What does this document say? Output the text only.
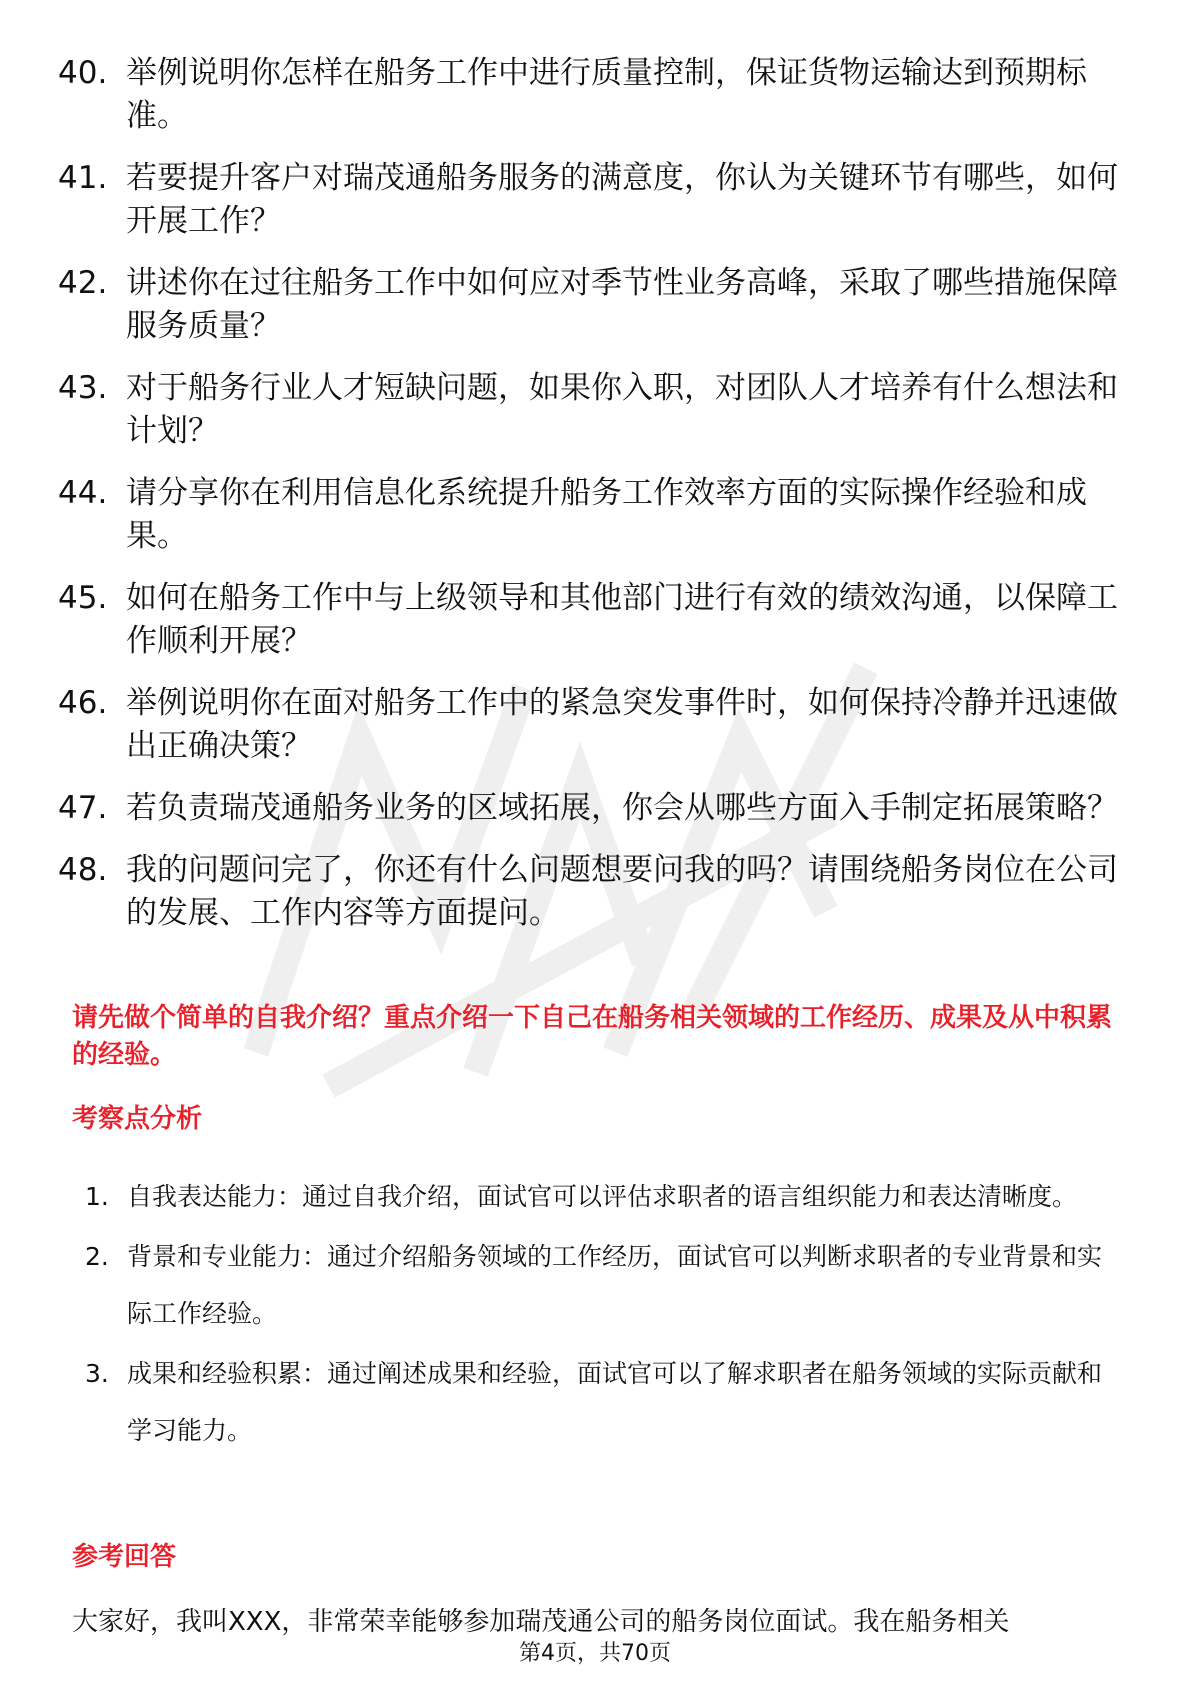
40. 举例说明你怎样在船务工作中进行质量控制，保证货物运输达到预期标准。
41. 若要提升客户对瑞茂通船务服务的满意度，你认为关键环节有哪些，如何开展工作？
42. 讲述你在过往船务工作中如何应对季节性业务高峰，采取了哪些措施保障服务质量？
43. 对于船务行业人才短缺问题，如果你入职，对团队人才培养有什么想法和计划？
44. 请分享你在利用信息化系统提升船务工作效率方面的实际操作经验和成果。
45. 如何在船务工作中与上级领导和其他部门进行有效的绩效沟通，以保障工作顺利开展？
46. 举例说明你在面对船务工作中的紧急突发事件时，如何保持冷静并迅速做出正确决策？
47. 若负责瑞茂通船务业务的区域拓展，你会从哪些方面入手制定拓展策略？
48. 我的问题问完了，你还有什么问题想要问我的吗？请围绕船务岗位在公司的发展、工作内容等方面提问。
请先做个简单的自我介绍？重点介绍一下自己在船务相关领域的工作经历、成果及从中积累的经验。
考察点分析
1. 自我表达能力：通过自我介绍，面试官可以评估求职者的语言组织能力和表达清晰度。
2. 背景和专业能力：通过介绍船务领域的工作经历，面试官可以判断求职者的专业背景和实际工作经验。
3. 成果和经验积累：通过阐述成果和经验，面试官可以了解求职者在船务领域的实际贡献和学习能力。
参考回答
大家好，我叫XXX，非常荣幸能够参加瑞茂通公司的船务岗位面试。我在船务相关
第4页，共70页
